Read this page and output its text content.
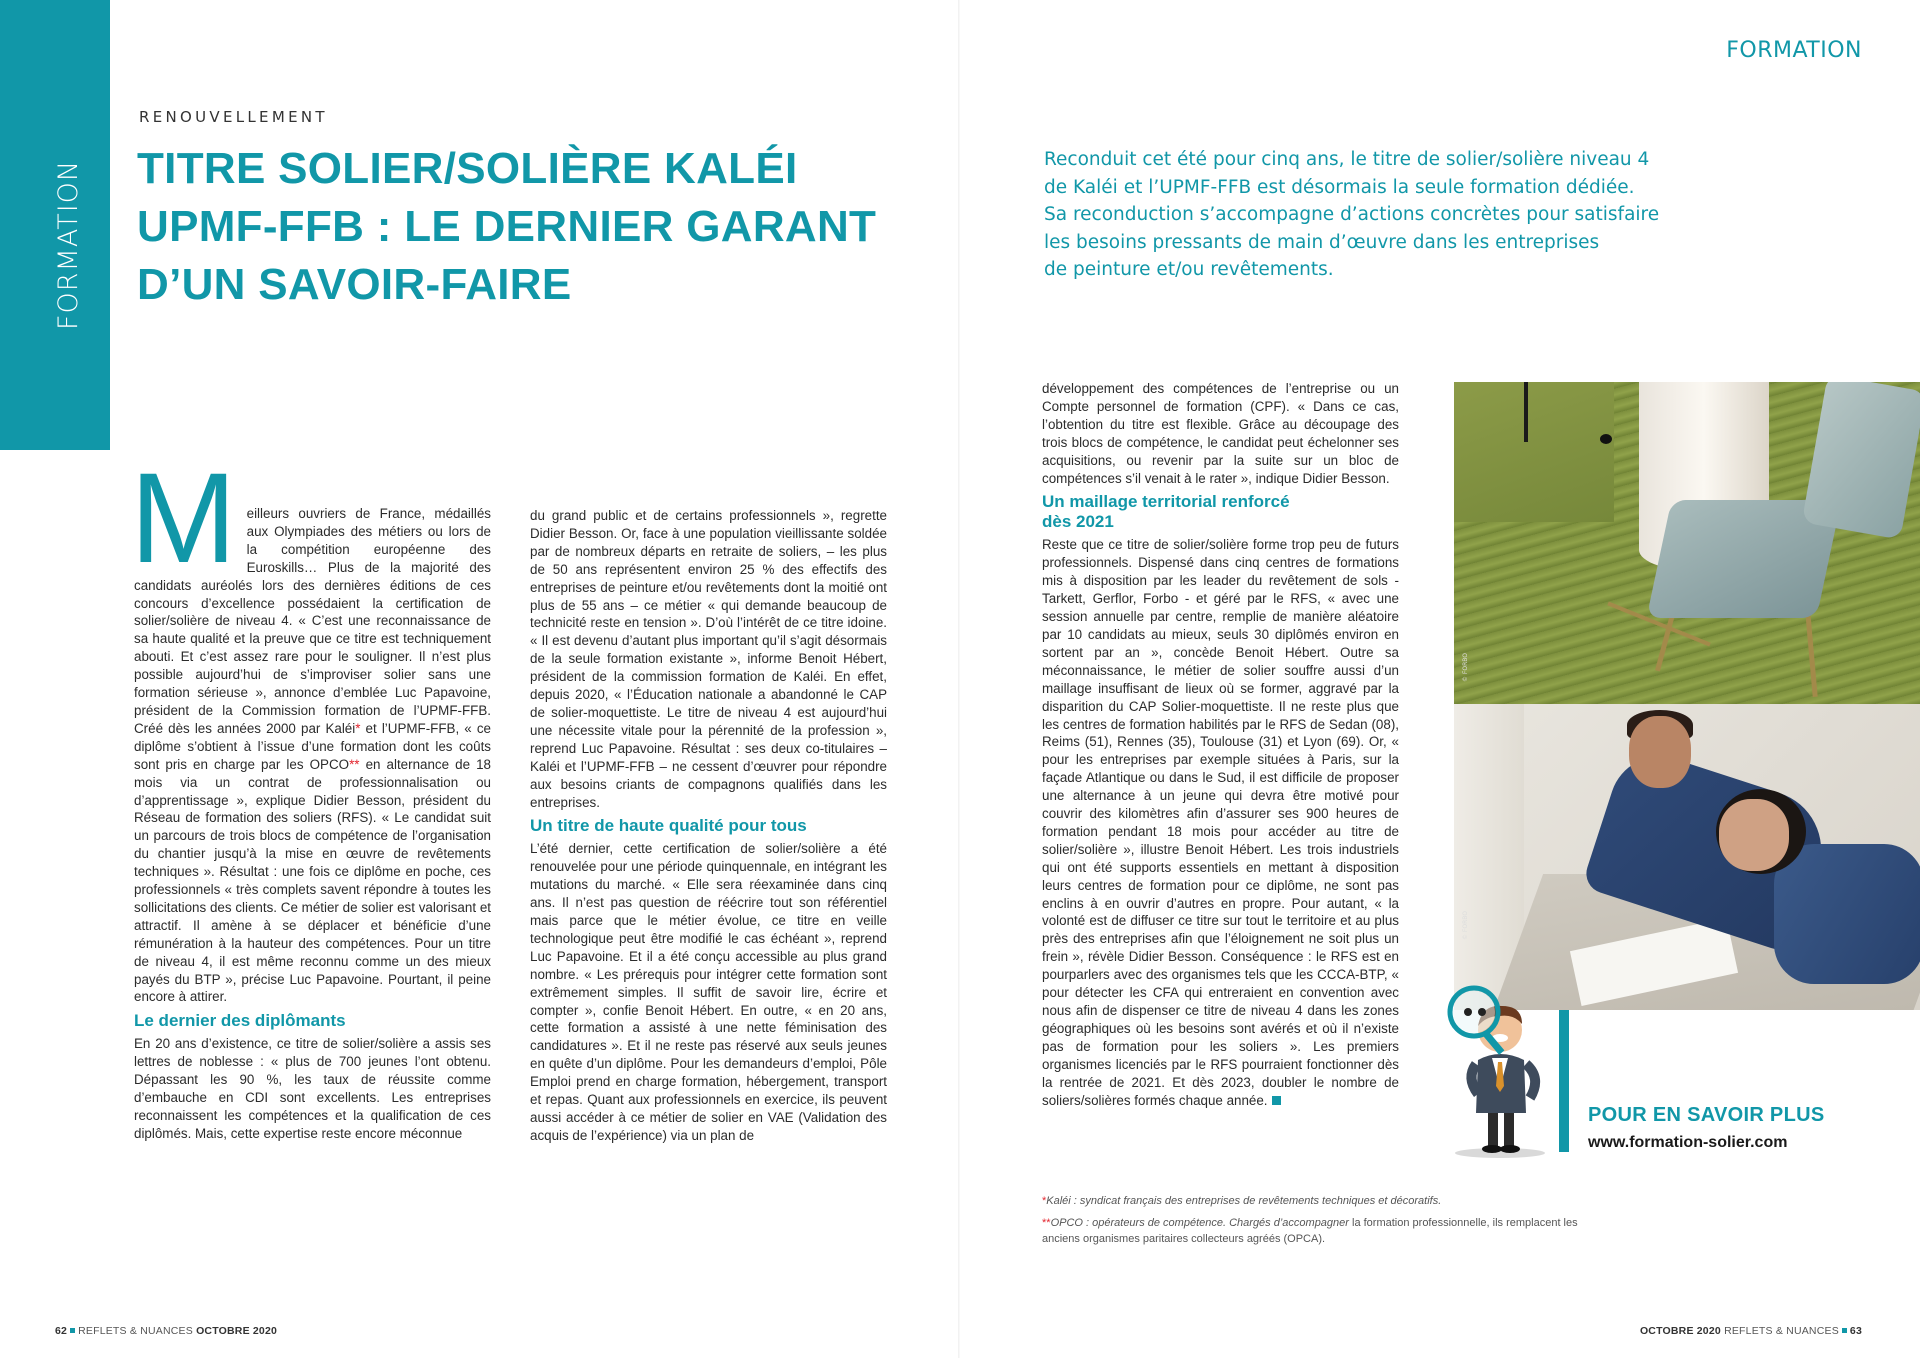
FORMATION
RENOUVELLEMENT
TITRE SOLIER/SOLIÈRE KALÉI
UPMF-FFB : LE DERNIER GARANT
D’UN SAVOIR-FAIRE
M eilleurs ouvriers de France, médaillés aux Olympiades des métiers ou lors de la compétition européenne des Euroskills… Plus de la majorité des candidats auréolés lors des dernières éditions de ces concours d’excellence possédaient la certification de solier/solière de niveau 4. « C’est une reconnaissance de sa haute qualité et la preuve que ce titre est techniquement abouti. Et c’est assez rare pour le souligner. Il n’est plus possible aujourd’hui de s’improviser solier sans une formation sérieuse », annonce d’emblée Luc Papavoine, président de la Commission formation de l’UPMF-FFB. Créé dès les années 2000 par Kaléi* et l’UPMF-FFB, « ce diplôme s’obtient à l’issue d’une formation dont les coûts sont pris en charge par les OPCO** en alternance de 18 mois via un contrat de professionnalisation ou d’apprentissage », explique Didier Besson, président du Réseau de formation des soliers (RFS). « Le candidat suit un parcours de trois blocs de compétence de l’organisation du chantier jusqu’à la mise en œuvre de revêtements techniques ». Résultat : une fois ce diplôme en poche, ces professionnels « très complets savent répondre à toutes les sollicitations des clients. Ce métier de solier est valorisant et attractif. Il amène à se déplacer et bénéficie d’une rémunération à la hauteur des compétences. Pour un titre de niveau 4, il est même reconnu comme un des mieux payés du BTP », précise Luc Papavoine. Pourtant, il peine encore à attirer.

Le dernier des diplômants

En 20 ans d’existence, ce titre de solier/solière a assis ses lettres de noblesse : « plus de 700 jeunes l’ont obtenu. Dépassant les 90 %, les taux de réussite comme d’embauche en CDI sont excellents. Les entreprises reconnaissent les compétences et la qualification de ces diplômés. Mais, cette expertise reste encore méconnue

du grand public et de certains professionnels », regrette Didier Besson. Or, face à une population vieillissante soldée par de nombreux départs en retraite de soliers, – les plus de 50 ans représentent environ 25 % des effectifs des entreprises de peinture et/ou revêtements dont la moitié ont plus de 55 ans – ce métier « qui demande beaucoup de technicité reste en tension ». D’où l’intérêt de ce titre idoine. « Il est devenu d’autant plus important qu’il s’agit désormais de la seule formation existante », informe Benoit Hébert, président de la commission formation de Kaléi. En effet, depuis 2020, « l’Éducation nationale a abandonné le CAP de solier-moquettiste. Le titre de niveau 4 est aujourd’hui une nécessite vitale pour la pérennité de la profession », reprend Luc Papavoine. Résultat : ses deux co-titulaires – Kaléi et l’UPMF-FFB – ne cessent d’œuvrer pour répondre aux besoins criants de compagnons qualifiés dans les entreprises.

Un titre de haute qualité pour tous

L’été dernier, cette certification de solier/solière a été renouvelée pour une période quinquennale, en intégrant les mutations du marché. « Elle sera réexaminée dans cinq ans. Il n’est pas question de réécrire tout son référentiel mais parce que le métier évolue, ce titre en veille technologique peut être modifié le cas échéant », reprend Luc Papavoine. Et il a été conçu accessible au plus grand nombre. « Les prérequis pour intégrer cette formation sont extrêmement simples. Il suffit de savoir lire, écrire et compter », confie Benoit Hébert. En outre, « en 20 ans, cette formation a assisté à une nette féminisation des candidatures ». Et il ne reste pas réservé aux seuls jeunes en quête d’un diplôme. Pour les demandeurs d’emploi, Pôle Emploi prend en charge formation, hébergement, transport et repas. Quant aux professionnels en exercice, ils peuvent aussi accéder à ce métier de solier en VAE (Validation des acquis de l’expérience) via un plan de

62 REFLETS & NUANCES OCTOBRE 2020
FORMATION
Reconduit cet été pour cinq ans, le titre de solier/solière niveau 4
de Kaléi et l’UPMF-FFB est désormais la seule formation dédiée.
Sa reconduction s’accompagne d’actions concrètes pour satisfaire
les besoins pressants de main d’œuvre dans les entreprises
de peinture et/ou revêtements.

développement des compétences de l’entreprise ou un Compte personnel de formation (CPF). « Dans ce cas, l’obtention du titre est flexible. Grâce au découpage des trois blocs de compétence, le candidat peut échelonner ses acquisitions, ou revenir par la suite sur un bloc de compétences s’il venait à le rater », indique Didier Besson.

Un maillage territorial renforcé
dès 2021

Reste que ce titre de solier/solière forme trop peu de futurs professionnels. Dispensé dans cinq centres de formations mis à disposition par les leader du revêtement de sols - Tarkett, Gerflor, Forbo - et géré par le RFS, « avec une session annuelle par centre, remplie de manière aléatoire par 10 candidats au mieux, seuls 30 diplômés environ en sortent par an », concède Benoit Hébert. Outre sa méconnaissance, le métier de solier souffre aussi d’un maillage insuffisant de lieux où se former, aggravé par la disparition du CAP Solier-moquettiste. Il ne reste plus que les centres de formation habilités par le RFS de Sedan (08), Reims (51), Rennes (35), Toulouse (31) et Lyon (69). Or, « pour les entreprises par exemple situées à Paris, sur la façade Atlantique ou dans le Sud, il est difficile de proposer une alternance à un jeune qui devra être motivé pour couvrir des kilomètres afin d’assurer ses 900 heures de formation pendant 18 mois pour accéder au titre de solier/solière », illustre Benoit Hébert. Les trois industriels qui ont été supports essentiels en mettant à disposition leurs centres de formation pour ce diplôme, ne sont pas enclins à en ouvrir d’autres en propre. Pour autant, « la volonté est de diffuser ce titre sur tout le territoire et au plus près des entreprises afin que l’éloignement ne soit plus un frein », révèle Didier Besson. Conséquence : le RFS est en pourparlers avec des organismes tels que les CCCA-BTP, « pour détecter les CFA qui entreraient en convention avec nous afin de dispenser ce titre de niveau 4 dans les zones géographiques où les besoins sont avérés et où il n’existe pas de formation pour les soliers ». Les premiers organismes licenciés par le RFS pourraient fonctionner dès la rentrée de 2021. Et dès 2023, doubler le nombre de soliers/solières formés chaque année.

© FORBO
© FORBO
POUR EN SAVOIR PLUS
www.formation-solier.com
*Kaléi : syndicat français des entreprises de revêtements techniques et décoratifs.
**OPCO : opérateurs de compétence. Chargés d’accompagner la formation professionnelle, ils remplacent les anciens organismes paritaires collecteurs agréés (OPCA).
OCTOBRE 2020 REFLETS & NUANCES 63
